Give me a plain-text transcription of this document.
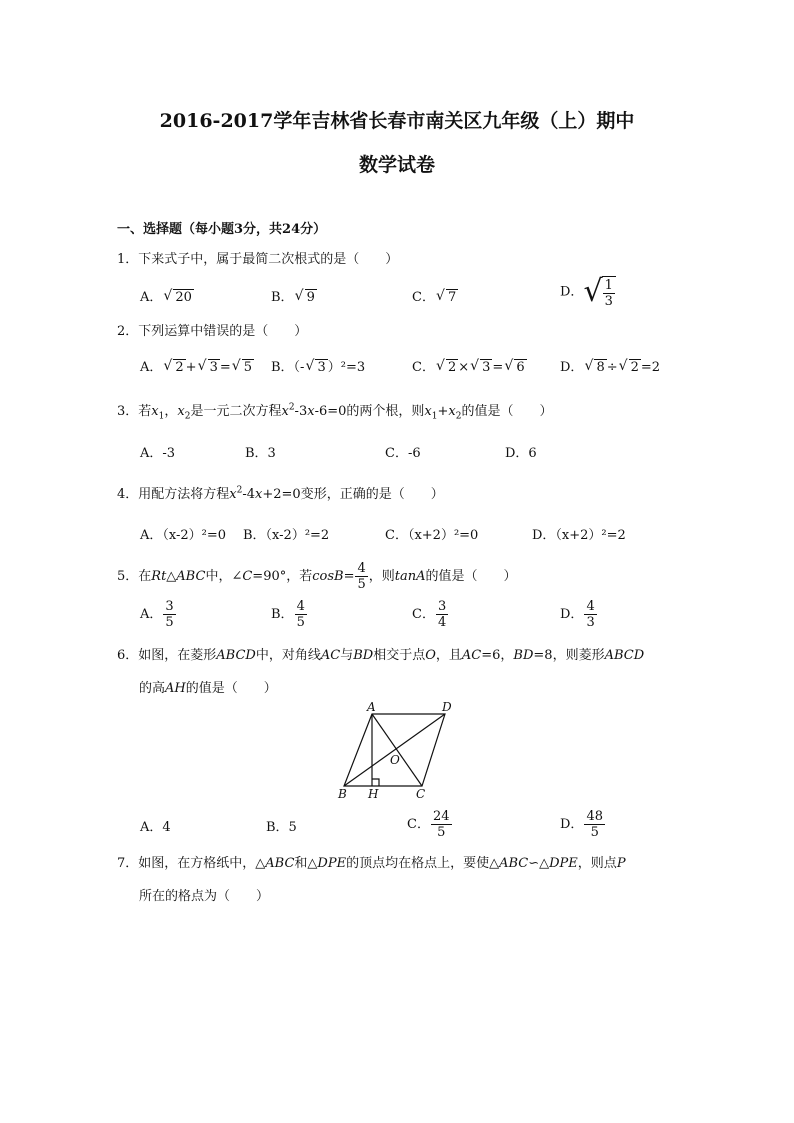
2016-2017学年吉林省长春市南关区九年级（上）期中
数学试卷
一、选择题（每小题3分，共24分）
1．下来式子中，属于最简二次根式的是（　　）
A． √ 20	B． √ 9	C． √ 7	D． √ $\frac{1}{3}$
2．下列运算中错误的是（　　）
A． √ 2 + √ 3 = √ 5 B．（- √ 3 ）²=3	C． √ 2 × √ 3 = √ 6	D． √ 8 ÷ √ 2 =2
3．若$x_1$，$x_2$是一元二次方程$x^2-3x-6=0$的两个根，则$x_1+x_2$的值是（　　）
A．-3	B．3	C．-6	D．6
4．用配方法将方程$x^2-4x+2=0$变形，正确的是（　　）
A．（x-2）²=0 B．（x-2）²=2	C．（x+2）²=0	D．（x+2）²=2
5．在Rt△ABC中，∠C=90°，若$\cos B= \frac{4}{5}$ ，则tanA的值是（　　）
A． $\frac{3}{5}$	B． $\frac{4}{5}$	C． $\frac{3}{4}$	D． $\frac{4}{3}$
6．如图，在菱形ABCD中，对角线AC与BD相交于点O，且AC=6，BD=8，则菱形ABCD
的高AH的值是（　　）
A	D
B H	C
O
A．4	B．5	C． $\frac{24}{5}$	D． $\frac{48}{5}$
7．如图，在方格纸中，△ABC和△DPE的顶点均在格点上，要使△ABC∽△DPE，则点P
所在的格点为（　　）
